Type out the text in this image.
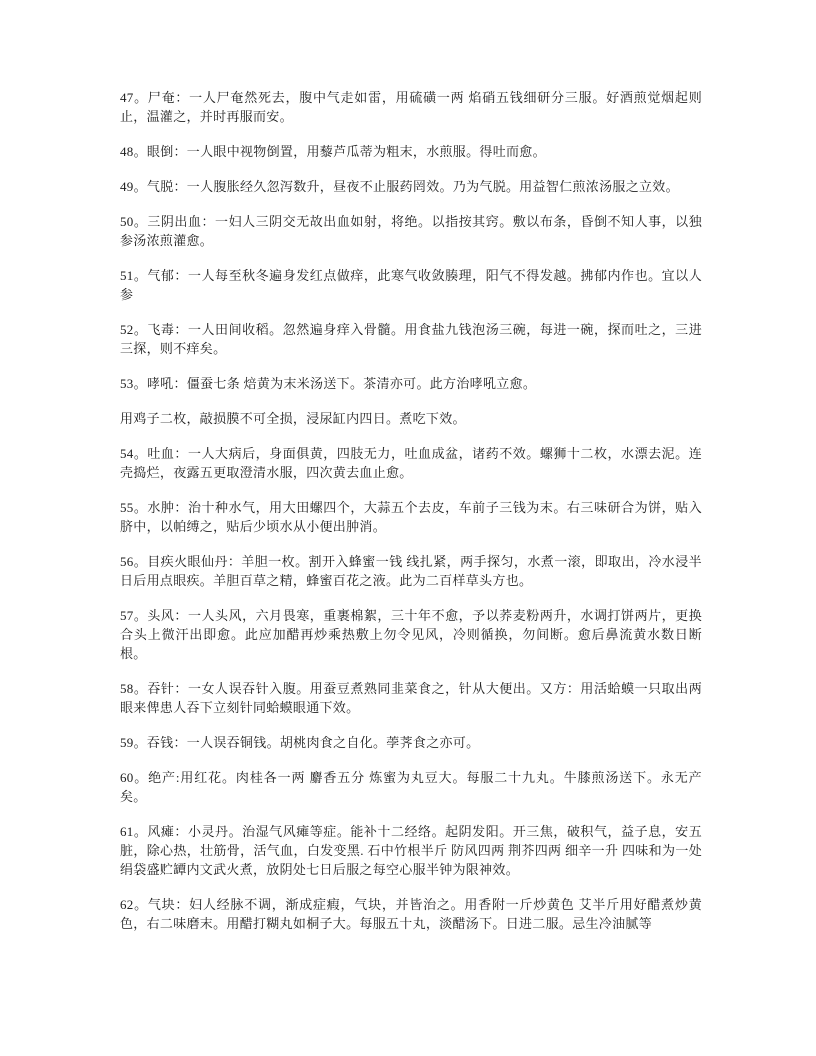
47。尸奄：一人尸奄然死去，腹中气走如雷，用硫磺一两 焰硝五钱细研分三服。好酒煎觉烟起则止，温灌之，并时再服而安。

48。眼倒：一人眼中视物倒置，用藜芦瓜蒂为粗末，水煎服。得吐而愈。

49。气脱：一人腹胀经久忽泻数升，昼夜不止服药罔效。乃为气脱。用益智仁煎浓汤服之立效。

50。三阴出血：一妇人三阴交无故出血如射，将绝。以指按其窍。敷以布条，昏倒不知人事，以独参汤浓煎灌愈。

51。气郁：一人每至秋冬遍身发红点做痒，此寒气收敛腠理，阳气不得发越。拂郁内作也。宜以人参

52。飞毒：一人田间收稻。忽然遍身痒入骨髓。用食盐九钱泡汤三碗，每进一碗，探而吐之，三进三探，则不痒矣。

53。哮吼：僵蚕七条 焙黄为末米汤送下。茶清亦可。此方治哮吼立愈。

用鸡子二枚，敲损膜不可全损，浸尿缸内四日。煮吃下效。

54。吐血：一人大病后，身面俱黄，四肢无力，吐血成盆，诸药不效。螺狮十二枚，水漂去泥。连壳捣烂，夜露五更取澄清水服，四次黄去血止愈。

55。水肿：治十种水气，用大田螺四个，大蒜五个去皮，车前子三钱为末。右三味研合为饼，贴入脐中，以帕缚之，贴后少顷水从小便出肿消。

56。目疾火眼仙丹：羊胆一枚。割开入蜂蜜一钱 线扎紧，两手探匀，水煮一滚，即取出，冷水浸半日后用点眼疾。羊胆百草之精，蜂蜜百花之液。此为二百样草头方也。

57。头风：一人头风，六月畏寒，重裹棉絮，三十年不愈，予以荞麦粉两升，水调打饼两片，更换合头上微汗出即愈。此应加醋再炒乘热敷上勿令见风，冷则循换，勿间断。愈后鼻流黄水数日断根。

58。吞针：一女人误吞针入腹。用蚕豆煮熟同韭菜食之，针从大便出。又方：用活蛤蟆一只取出两眼来俾患人吞下立刻针同蛤蟆眼通下效。

59。吞钱：一人误吞铜钱。胡桃肉食之自化。荸荠食之亦可。

60。绝产:用红花。肉桂各一两 麝香五分 炼蜜为丸豆大。每服二十九丸。牛膝煎汤送下。永无产矣。

61。风瘫：小灵丹。治湿气风瘫等症。能补十二经络。起阴发阳。开三焦，破积气，益子息，安五脏，除心热，壮筋骨，活气血，白发变黑. 石中竹根半斤 防风四两 荆芥四两 细辛一升 四味和为一处 绢袋盛贮罈内文武火煮，放阴处七日后服之每空心服半钟为限神效。

62。气块：妇人经脉不调，渐成症瘕，气块，并皆治之。用香附一斤炒黄色 艾半斤用好醋煮炒黄色，右二味磨末。用醋打糊丸如桐子大。每服五十丸，淡醋汤下。日进二服。忌生冷油腻等
